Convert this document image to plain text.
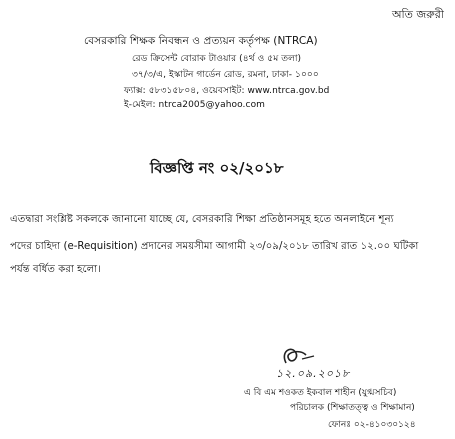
অতি জরুরী
বেসরকারি শিক্ষক নিবন্ধন ও প্রত্যয়ন কর্তৃপক্ষ (NTRCA)
রেড ক্রিসেন্ট বোরাক টাওয়ার (৪র্থ ও ৫ম তলা)
৩৭/৩/এ, ইস্কাটন গার্ডেন রোড, রমনা, ঢাকা- ১০০০
ফ্যাক্স: ৫৮৩১৫৮০৪, ওয়েবসাইট: www.ntrca.gov.bd
ই-মেইল: ntrca2005@yahoo.com
বিজ্ঞপ্তি নং ০২/২০১৮
এতদ্বারা সংশ্লিষ্ট সকলকে জানানো যাচ্ছে যে, বেসরকারি শিক্ষা প্রতিষ্ঠানসমূহ হতে অনলাইনে শূন্য
পদের চাহিদা (e-Requisition) প্রদানের সময়সীমা আগামী ২৩/০৯/২০১৮ তারিখ রাত ১২.০০ ঘটিকা
পর্যন্ত বর্ধিত করা হলো।
১২.০৯.২০১৮
এ বি এম শওকত ইকবাল শাহীন (যুগ্মসচিব)
পরিচালক (শিক্ষাতত্ত্ব ও শিক্ষামান)
ফোনঃ ০২-৪১০৩০১২৪
